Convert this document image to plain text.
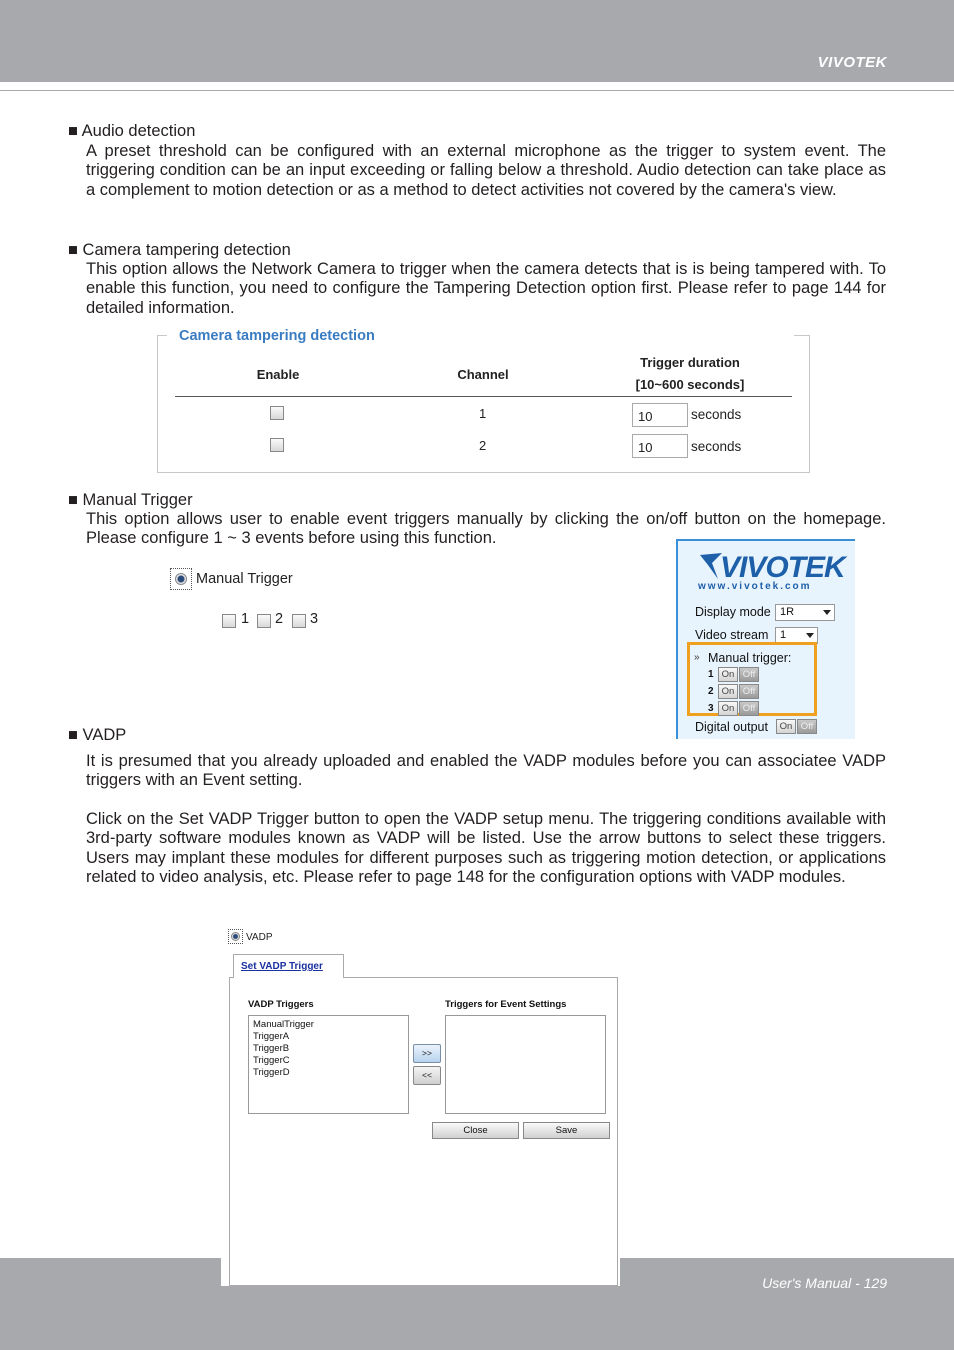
VIVOTEK
■ Audio detection
A preset threshold can be configured with an external microphone as the trigger to system event. The triggering condition can be an input exceeding or falling below a threshold. Audio detection can take place as a complement to motion detection or as a method to detect activities not covered by the camera's view.
■ Camera tampering detection
This option allows the Network Camera to trigger when the camera detects that is is being tampered with. To enable this function, you need to configure the Tampering Detection option first. Please refer to page 144 for detailed information.
Camera tampering detection
Enable	Channel
Trigger duration
[10~600 seconds]
1	10	seconds
2	10	seconds
■ Manual Trigger
This option allows user to enable event triggers manually by clicking the on/off button on the homepage. Please configure 1 ~ 3 events before using this function.
Manual Trigger
1 2 3
VIVOTEK
www.vivotek.com
Display mode 1R
Video stream	1
» Manual trigger:
1 On Off
2 On Off
3 On Off
Digital output	On Off
■ VADP
It is presumed that you already uploaded and enabled the VADP modules before you can associatee VADP triggers with an Event setting.
Click on the Set VADP Trigger button to open the VADP setup menu. The triggering conditions available with 3rd-party software modules known as VADP will be listed. Use the arrow buttons to select these triggers. Users may implant these modules for different purposes such as triggering motion detection, or applications related to video analysis, etc. Please refer to page 148 for the configuration options with VADP modules.
VADP
VADP Triggers	Triggers for Event Settings
ManualTrigger
TriggerA
TriggerB
TriggerC
TriggerD
>>
<<
Close	Save
Set VADP Trigger
User's Manual - 129
